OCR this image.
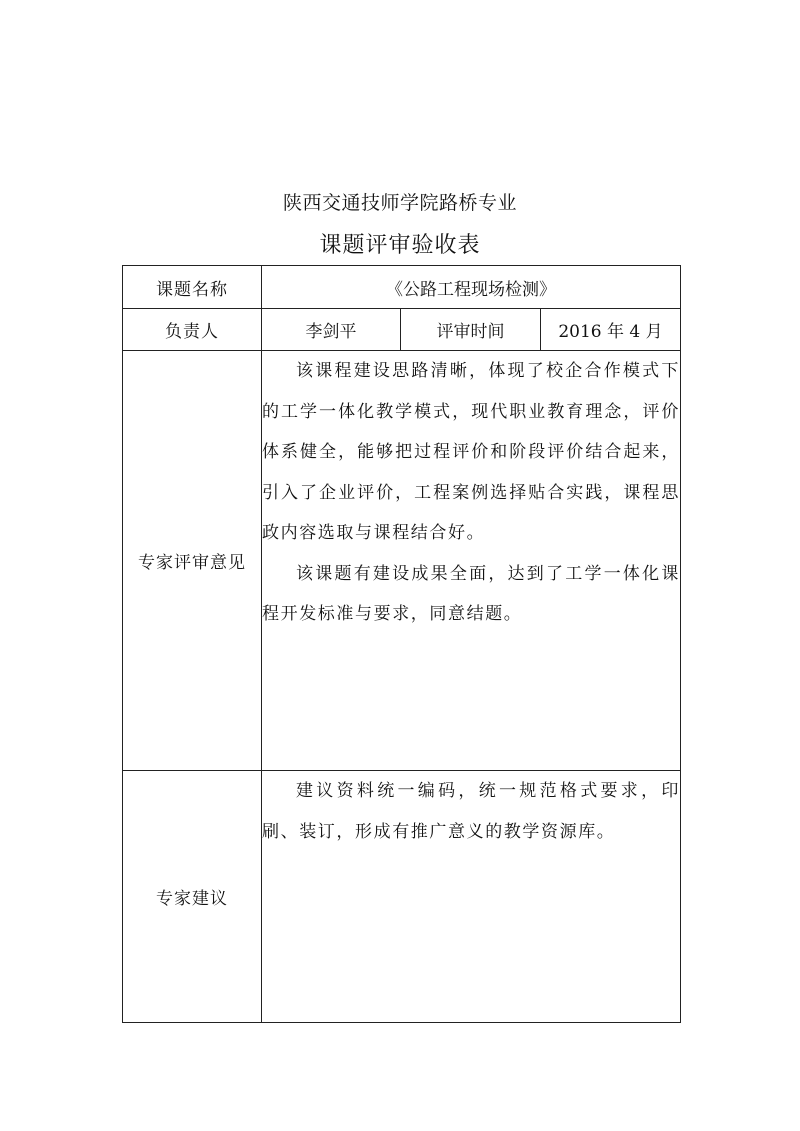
陕西交通技师学院路桥专业
课题评审验收表
课题名称	《公路工程现场检测》		
负责人	李剑平	评审时间	2016 年 4 月
专家评审意见	该课程建设思路清晰，体现了校企合作模式下的工学一体化教学模式，现代职业教育理念，评价体系健全，能够把过程评价和阶段评价结合起来，引入了企业评价，工程案例选择贴合实践，课程思政内容选取与课程结合好。

该课题有建设成果全面，达到了工学一体化课程开发标准与要求，同意结题。		

专家建议	建议资料统一编码，统一规范格式要求，印刷、装订，形成有推广意义的教学资源库。		
